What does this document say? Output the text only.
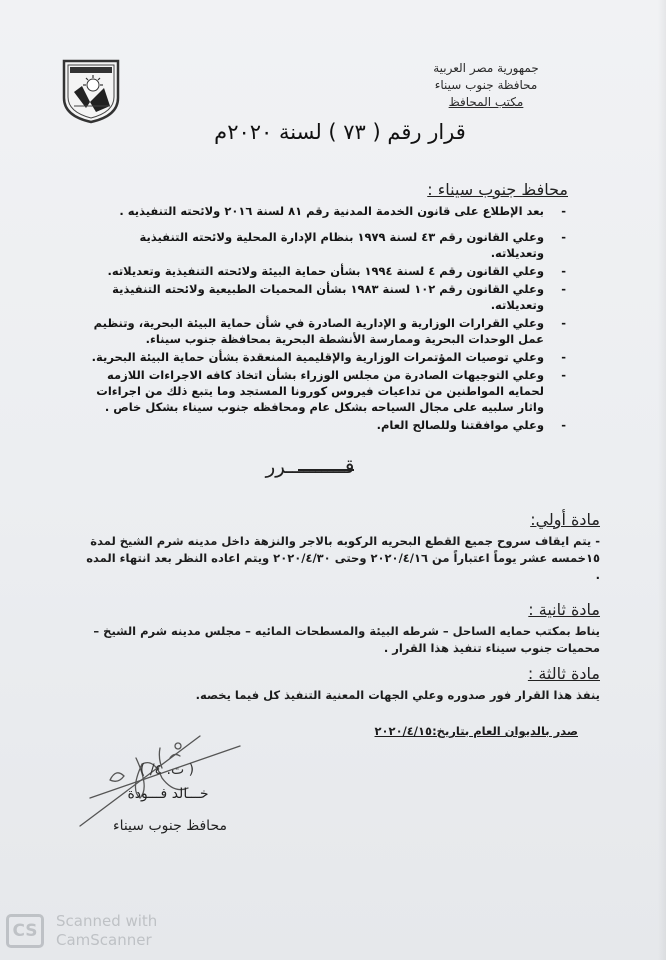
جمهورية مصر العربية
محافظة جنوب سيناء
مكتب المحافظ
قرار رقم ( ٧٣ ) لسنة ٢٠٢٠م
محافظ جنوب سيناء :
- بعد الإطلاع على قانون الخدمة المدنية رقم ٨١ لسنة ٢٠١٦ ولائحته التنفيذيه .
- وعلي القانون رقم ٤٣ لسنة ١٩٧٩ بنظام الإدارة المحلية ولائحته التنفيذية وتعديلاته.
- وعلي القانون رقم ٤ لسنة ١٩٩٤ بشأن حماية البيئة ولائحته التنفيذية وتعديلاته.
- وعلي القانون رقم ١٠٢ لسنة ١٩٨٣ بشأن المحميات الطبيعية ولائحته التنفيذية وتعديلاته.
- وعلي القرارات الوزارية و الإدارية الصادرة في شأن حماية البيئة البحرية، وتنظيم عمل الوحدات البحرية وممارسة الأنشطة البحرية بمحافظة جنوب سيناء.
- وعلي توصيات المؤتمرات الوزارية والإقليمية المنعقدة بشأن حماية البيئة البحرية.
- وعلي التوجيهات الصادرة من مجلس الوزراء بشأن اتخاذ كافه الاجراءات اللازمه لحمايه المواطنين من تداعيات فيروس كورونا المستجد وما يتبع ذلك من اجراءات واثار سلبيه على مجال السياحه بشكل عام ومحافظه جنوب سيناء بشكل خاص .
- وعلي موافقتنا وللصالح العام.
قــــــــــرر
مادة أولي:
- يتم ايقاف سروح جميع القطع البحريه الركوبه بالاجر والنزهة داخل مدينه شرم الشيخ لمدة ١٥خمسه عشر يوماً اعتباراً من ٢٠٢٠/٤/١٦ وحتى ٢٠٢٠/٤/٣٠ ويتم اعاده النظر بعد انتهاء المده .
مادة ثانية :
يناط بمكتب حمايه الساحل – شرطه البيئة والمسطحات المائيه – مجلس مدينه شرم الشيخ – محميات جنوب سيناء تنفيذ هذا القرار .
مادة ثالثة :
ينفذ هذا القرار فور صدوره وعلي الجهات المعنية التنفيذ كل فيما يخصه.
صدر بالديوان العام بتاريخ:٢٠٢٠/٤/١٥
( ت. ٤/ )
خـــالد فـــودة
محافظ جنوب سيناء
CS	Scanned with
CamScanner
